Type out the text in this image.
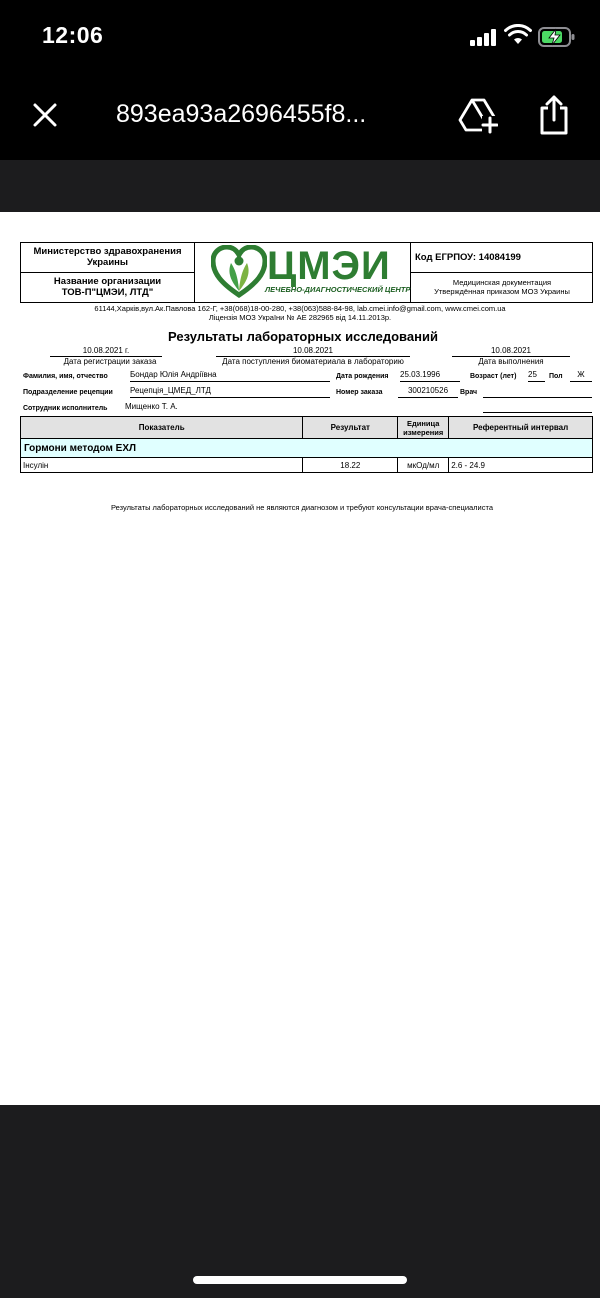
12:06
893ea93a2696455f8...
Министерство здравохранения Украины
Название организации
ТОВ-П"ЦМЭИ, ЛТД"
ЦМЭИ
ЛЕЧЕБНО-ДИАГНОСТИЧЕСКИЙ ЦЕНТР
Код ЕГРПОУ: 14084199
Медицинская документация
Утверждённая приказом МОЗ Украины
61144,Харків,вул.Ак.Павлова 162-Г, +38(068)18-00-280, +38(063)588-84-98, lab.cmei.info@gmail.com, www.cmei.com.ua
Ліцензія МОЗ України № АЕ 282965 від 14.11.2013р.
Результаты лабораторных исследований
10.08.2021 г.
Дата регистрации заказа
10.08.2021
Дата поступления биоматериала в лабораторию
10.08.2021
Дата выполнения
Фамилия, имя, отчество	Бондар Юлія Андріївна	Дата рождения 25.03.1996	Возраст (лет) 25	Пол	Ж
Подразделение рецепции Рецепція_ЦМЕД_ЛТД	Номер заказа	300210526	Врач
Сотрудник исполнитель Мищенко Т. А.
Показатель	Результат	Единица измерения	Референтный интервал
Гормони методом ЕХЛ			
Інсулін	18.22	мкОд/мл	2.6 - 24.9
Результаты лабораторных исследований не являются диагнозом и требуют консультации врача-специалиста
